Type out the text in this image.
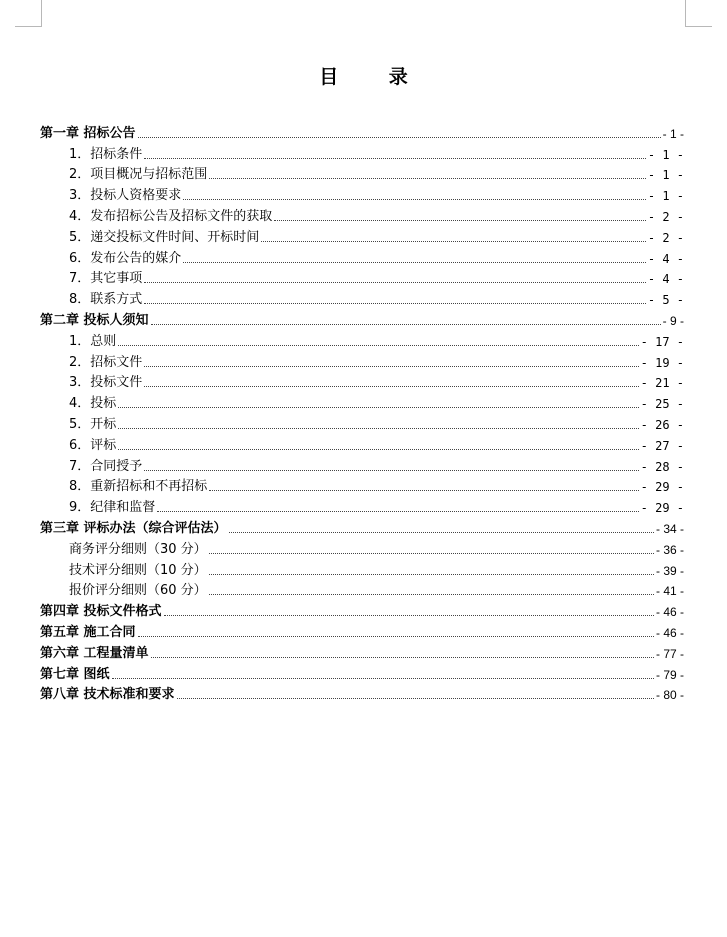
目 录
第一章 招标公告	- 1 -
1．招标条件	- 1 -
2．项目概况与招标范围	- 1 -
3．投标人资格要求	- 1 -
4．发布招标公告及招标文件的获取	- 2 -
5．递交投标文件时间、开标时间	- 2 -
6．发布公告的媒介	- 4 -
7．其它事项	- 4 -
8．联系方式	- 5 -
第二章 投标人须知	- 9 -
1．总则	- 17 -
2．招标文件	- 19 -
3．投标文件	- 21 -
4．投标	- 25 -
5．开标	- 26 -
6．评标	- 27 -
7．合同授予	- 28 -
8．重新招标和不再招标	- 29 -
9．纪律和监督	- 29 -
第三章 评标办法（综合评估法）	- 34 -
商务评分细则（30 分）	- 36 -
技术评分细则（10 分）	- 39 -
报价评分细则（60 分）	- 41 -
第四章 投标文件格式	- 46 -
第五章 施工合同	- 46 -
第六章 工程量清单	- 77 -
第七章 图纸	- 79 -
第八章 技术标准和要求	- 80 -
